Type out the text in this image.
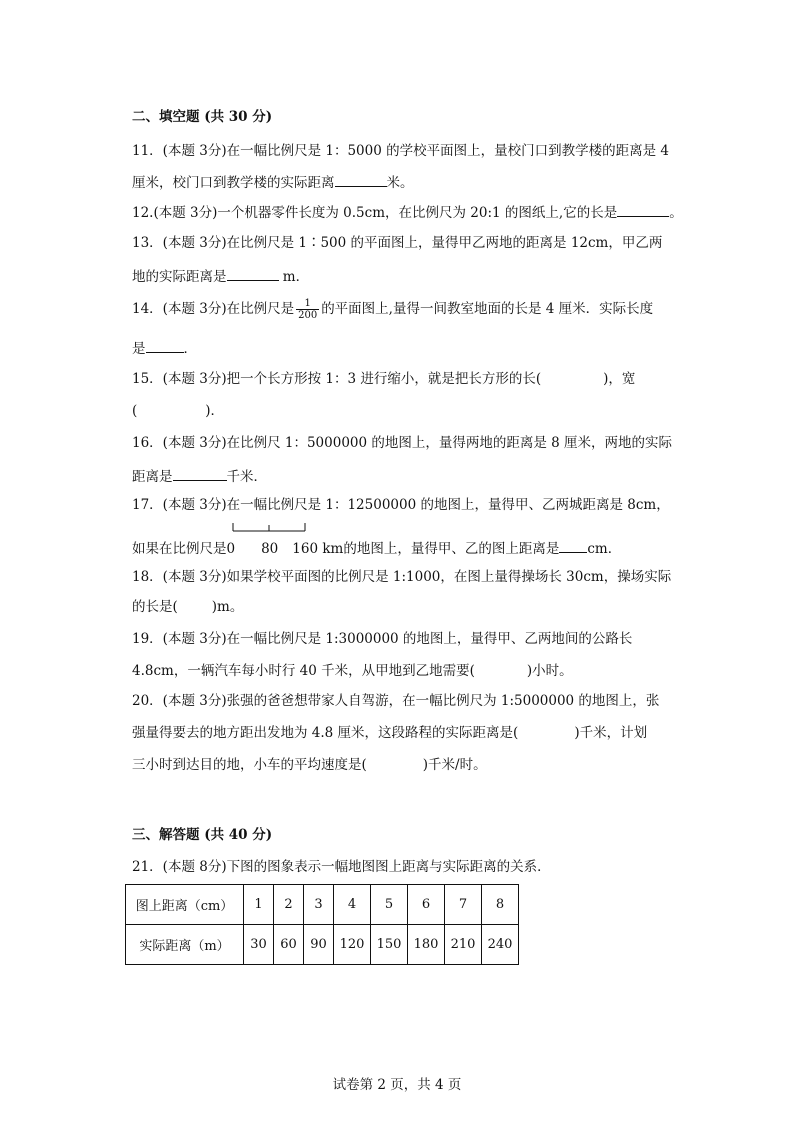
二、填空题 (共 30 分)
11．(本题 3分)在一幅比例尺是 1：5000 的学校平面图上，量校门口到教学楼的距离是 4
厘米，校门口到教学楼的实际距离	米。
12.(本题 3分)一个机器零件长度为 0.5cm，在比例尺为 20:1 的图纸上,它的长是	。
13．(本题 3分)在比例尺是 1∶500 的平面图上，量得甲乙两地的距离是 12cm，甲乙两
地的实际距离是	m．
14．(本题 3分)在比例尺是 $\frac{1}{200}$ 的平面图上,量得一间教室地面的长是 4 厘米．实际长度
是	．
15．(本题 3分)把一个长方形按 1：3 进行缩小，就是把长方形的长(	)，宽
(	)．
16．(本题 3分)在比例尺 1：5000000 的地图上，量得两地的距离是 8 厘米，两地的实际
距离是	千米．
17．(本题 3分)在一幅比例尺是 1：12500000 的地图上，量得甲、乙两城距离是 8cm，
如果在比例尺是0 80 160 km的地图上，量得甲、乙的图上距离是 cm．
18．(本题 3分)如果学校平面图的比例尺是 1:1000，在图上量得操场长 30cm，操场实际
的长是(	)m。
19．(本题 3分)在一幅比例尺是 1:3000000 的地图上，量得甲、乙两地间的公路长
4.8cm，一辆汽车每小时行 40 千米，从甲地到乙地需要(	)小时。
20．(本题 3分)张强的爸爸想带家人自驾游，在一幅比例尺为 1:5000000 的地图上，张
强量得要去的地方距出发地为 4.8 厘米，这段路程的实际距离是(	)千米，计划
三小时到达目的地，小车的平均速度是(	)千米/时。
三、解答题 (共 40 分)
21．(本题 8分)下图的图象表示一幅地图图上距离与实际距离的关系．
图上距离（cm）	1	2	3	4	5	6	7	8
实际距离（m）	30	60	90	120	150	180	210	240
试卷第 2 页，共 4 页
